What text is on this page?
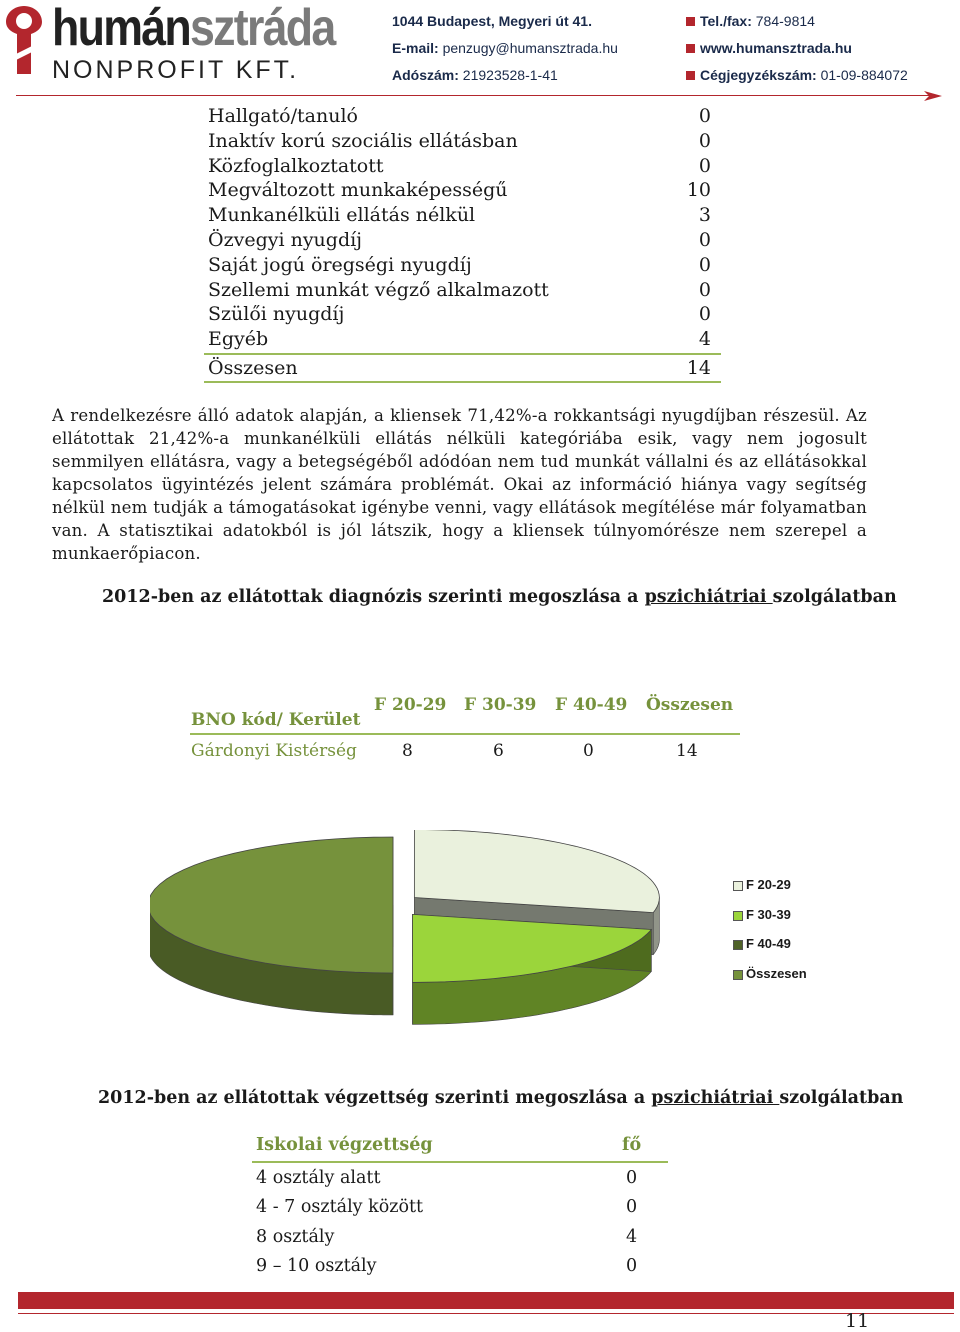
humánsztráda
NONPROFIT KFT.
1044 Budapest, Megyeri út 41.
E-mail: penzugy@humansztrada.hu
Adószám: 21923528-1-41
Tel./fax: 784-9814
www.humansztrada.hu
Cégjegyzékszám: 01-09-884072
Hallgató/tanuló	0
Inaktív korú szociális ellátásban	0
Közfoglalkoztatott	0
Megváltozott munkaképességű	10
Munkanélküli ellátás nélkül	3
Özvegyi nyugdíj	0
Saját jogú öregségi nyugdíj	0
Szellemi munkát végző alkalmazott	0
Szülői nyugdíj	0
Egyéb	4
Összesen	14

A rendelkezésre álló adatok alapján, a kliensek 71,42%-a rokkantsági nyugdíjban részesül. Az ellátottak 21,42%-a munkanélküli ellátás nélküli kategóriába esik, vagy nem jogosult semmilyen ellátásra, vagy a betegségéből adódóan nem tud munkát vállalni és az ellátásokkal kapcsolatos ügyintézés jelent számára problémát. Okai az információ hiánya vagy segítség nélkül nem tudják a támogatásokat igénybe venni, vagy ellátások megítélése már folyamatban van. A statisztikai adatokból is jól látszik, hogy a kliensek túlnyomórésze nem szerepel a munkaerőpiacon.

2012-ben az ellátottak diagnózis szerinti megoszlása a pszichiátriai szolgálatban
BNO kód/ Kerület
F 20-29 F 30-39 F 40-49 Összesen
Gárdonyi Kistérség	8	6	0	14
F 20-29
F 30-39
F 40-49
Összesen
2012-ben az ellátottak végzettség szerinti megoszlása a pszichiátriai szolgálatban
Iskolai végzettség	fő
4 osztály alatt	0
4 - 7 osztály között	0
8 osztály	4
9 – 10 osztály	0
11
